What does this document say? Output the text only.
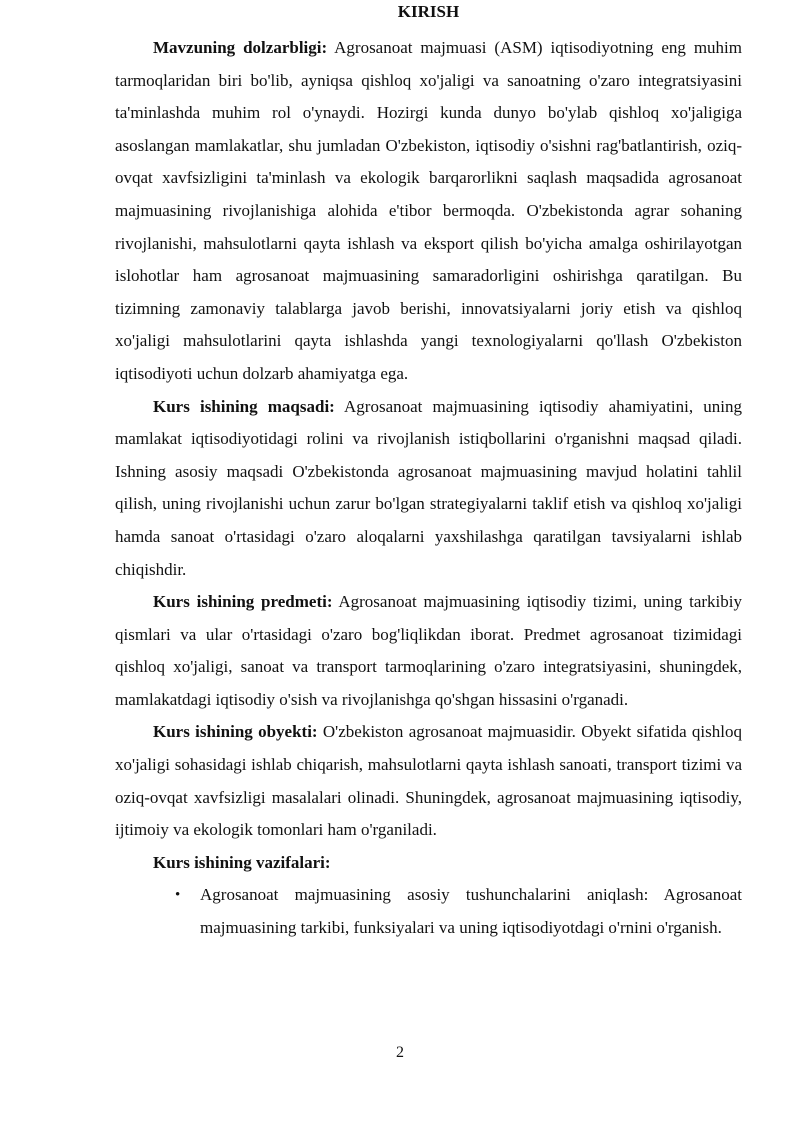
KIRISH

Mavzuning dolzarbligi: Agrosanoat majmuasi (ASM) iqtisodiyotning eng muhim tarmoqlaridan biri bo'lib, ayniqsa qishloq xo'jaligi va sanoatning o'zaro integratsiyasini ta'minlashda muhim rol o'ynaydi. Hozirgi kunda dunyo bo'ylab qishloq xo'jaligiga asoslangan mamlakatlar, shu jumladan O'zbekiston, iqtisodiy o'sishni rag'batlantirish, oziq-ovqat xavfsizligini ta'minlash va ekologik barqarorlikni saqlash maqsadida agrosanoat majmuasining rivojlanishiga alohida e'tibor bermoqda. O'zbekistonda agrar sohaning rivojlanishi, mahsulotlarni qayta ishlash va eksport qilish bo'yicha amalga oshirilayotgan islohotlar ham agrosanoat majmuasining samaradorligini oshirishga qaratilgan. Bu tizimning zamonaviy talablarga javob berishi, innovatsiyalarni joriy etish va qishloq xo'jaligi mahsulotlarini qayta ishlashda yangi texnologiyalarni qo'llash O'zbekiston iqtisodiyoti uchun dolzarb ahamiyatga ega.

Kurs ishining maqsadi: Agrosanoat majmuasining iqtisodiy ahamiyatini, uning mamlakat iqtisodiyotidagi rolini va rivojlanish istiqbollarini o'rganishni maqsad qiladi. Ishning asosiy maqsadi O'zbekistonda agrosanoat majmuasining mavjud holatini tahlil qilish, uning rivojlanishi uchun zarur bo'lgan strategiyalarni taklif etish va qishloq xo'jaligi hamda sanoat o'rtasidagi o'zaro aloqalarni yaxshilashga qaratilgan tavsiyalarni ishlab chiqishdir.

Kurs ishining predmeti: Agrosanoat majmuasining iqtisodiy tizimi, uning tarkibiy qismlari va ular o'rtasidagi o'zaro bog'liqlikdan iborat. Predmet agrosanoat tizimidagi qishloq xo'jaligi, sanoat va transport tarmoqlarining o'zaro integratsiyasini, shuningdek, mamlakatdagi iqtisodiy o'sish va rivojlanishga qo'shgan hissasini o'rganadi.

Kurs ishining obyekti: O'zbekiston agrosanoat majmuasidir. Obyekt sifatida qishloq xo'jaligi sohasidagi ishlab chiqarish, mahsulotlarni qayta ishlash sanoati, transport tizimi va oziq-ovqat xavfsizligi masalalari olinadi. Shuningdek, agrosanoat majmuasining iqtisodiy, ijtimoiy va ekologik tomonlari ham o'rganiladi.

Kurs ishining vazifalari:

• Agrosanoat majmuasining asosiy tushunchalarini aniqlash: Agrosanoat majmuasining tarkibi, funksiyalari va uning iqtisodiyotdagi o'rnini o'rganish.
2
